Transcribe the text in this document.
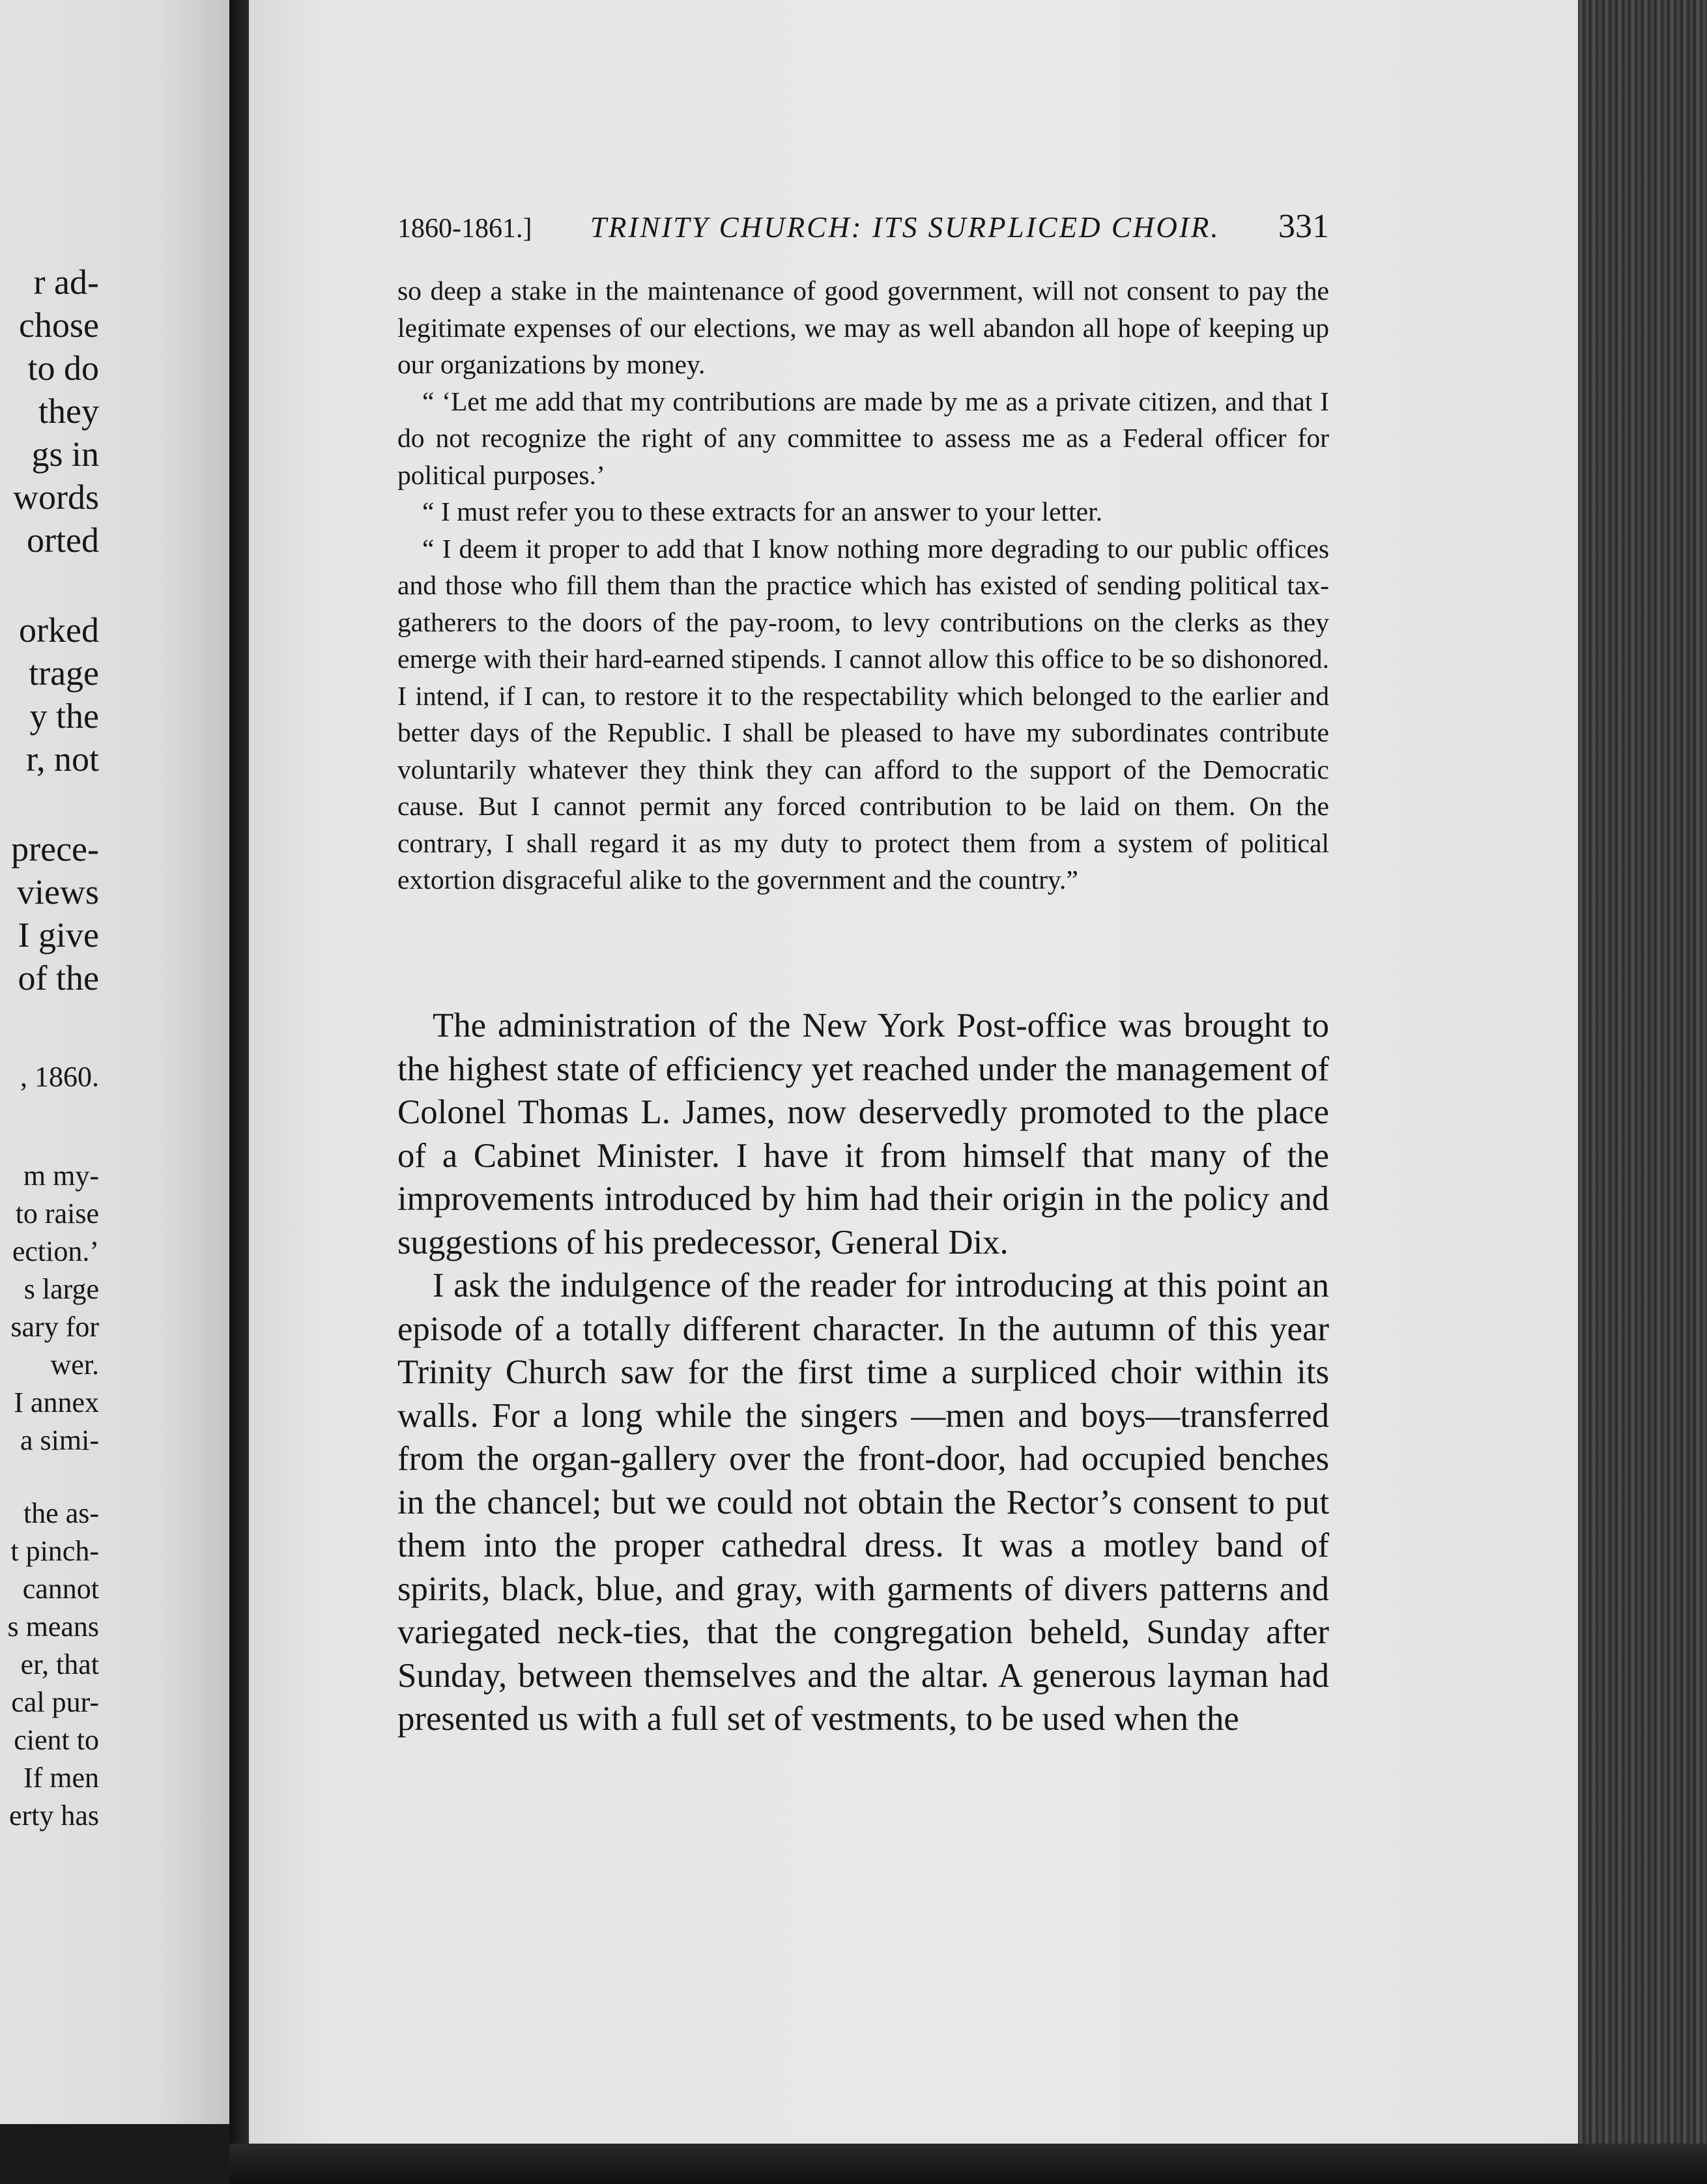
r ad-
chose
to do
they
gs in
words
orted
orked
trage
y the
r, not
prece-
views
I give
of the
, 1860.
m my-
to raise
ection.’
s large
sary for
wer.
I annex
a simi-
the as-
t pinch-
cannot
s means
er, that
cal pur-
cient to
If men
erty has
1860-1861.] TRINITY CHURCH: ITS SURPLICED CHOIR. 331

so deep a stake in the maintenance of good government, will not consent to pay the legitimate expenses of our elections, we may as well abandon all hope of keeping up our organizations by money.

“ ‘Let me add that my contributions are made by me as a private citizen, and that I do not recognize the right of any committee to assess me as a Federal officer for political purposes.’

“ I must refer you to these extracts for an answer to your letter.

“ I deem it proper to add that I know nothing more degrading to our public offices and those who fill them than the practice which has existed of sending political tax-gatherers to the doors of the pay-room, to levy contributions on the clerks as they emerge with their hard-earned stipends. I cannot allow this office to be so dishonored. I intend, if I can, to restore it to the respectability which belonged to the earlier and better days of the Republic. I shall be pleased to have my subordinates contribute voluntarily whatever they think they can afford to the support of the Democratic cause. But I cannot permit any forced contribution to be laid on them. On the contrary, I shall regard it as my duty to protect them from a system of political extortion disgraceful alike to the government and the country.”

The administration of the New York Post-office was brought to the highest state of efficiency yet reached under the management of Colonel Thomas L. James, now deservedly promoted to the place of a Cabinet Minister. I have it from himself that many of the improvements introduced by him had their origin in the policy and suggestions of his predecessor, General Dix.

I ask the indulgence of the reader for introducing at this point an episode of a totally different character. In the autumn of this year Trinity Church saw for the first time a surpliced choir within its walls. For a long while the singers —men and boys—transferred from the organ-gallery over the front-door, had occupied benches in the chancel; but we could not obtain the Rector’s consent to put them into the proper cathedral dress. It was a motley band of spirits, black, blue, and gray, with garments of divers patterns and variegated neck-ties, that the congregation beheld, Sunday after Sunday, between themselves and the altar. A generous layman had presented us with a full set of vestments, to be used when the
